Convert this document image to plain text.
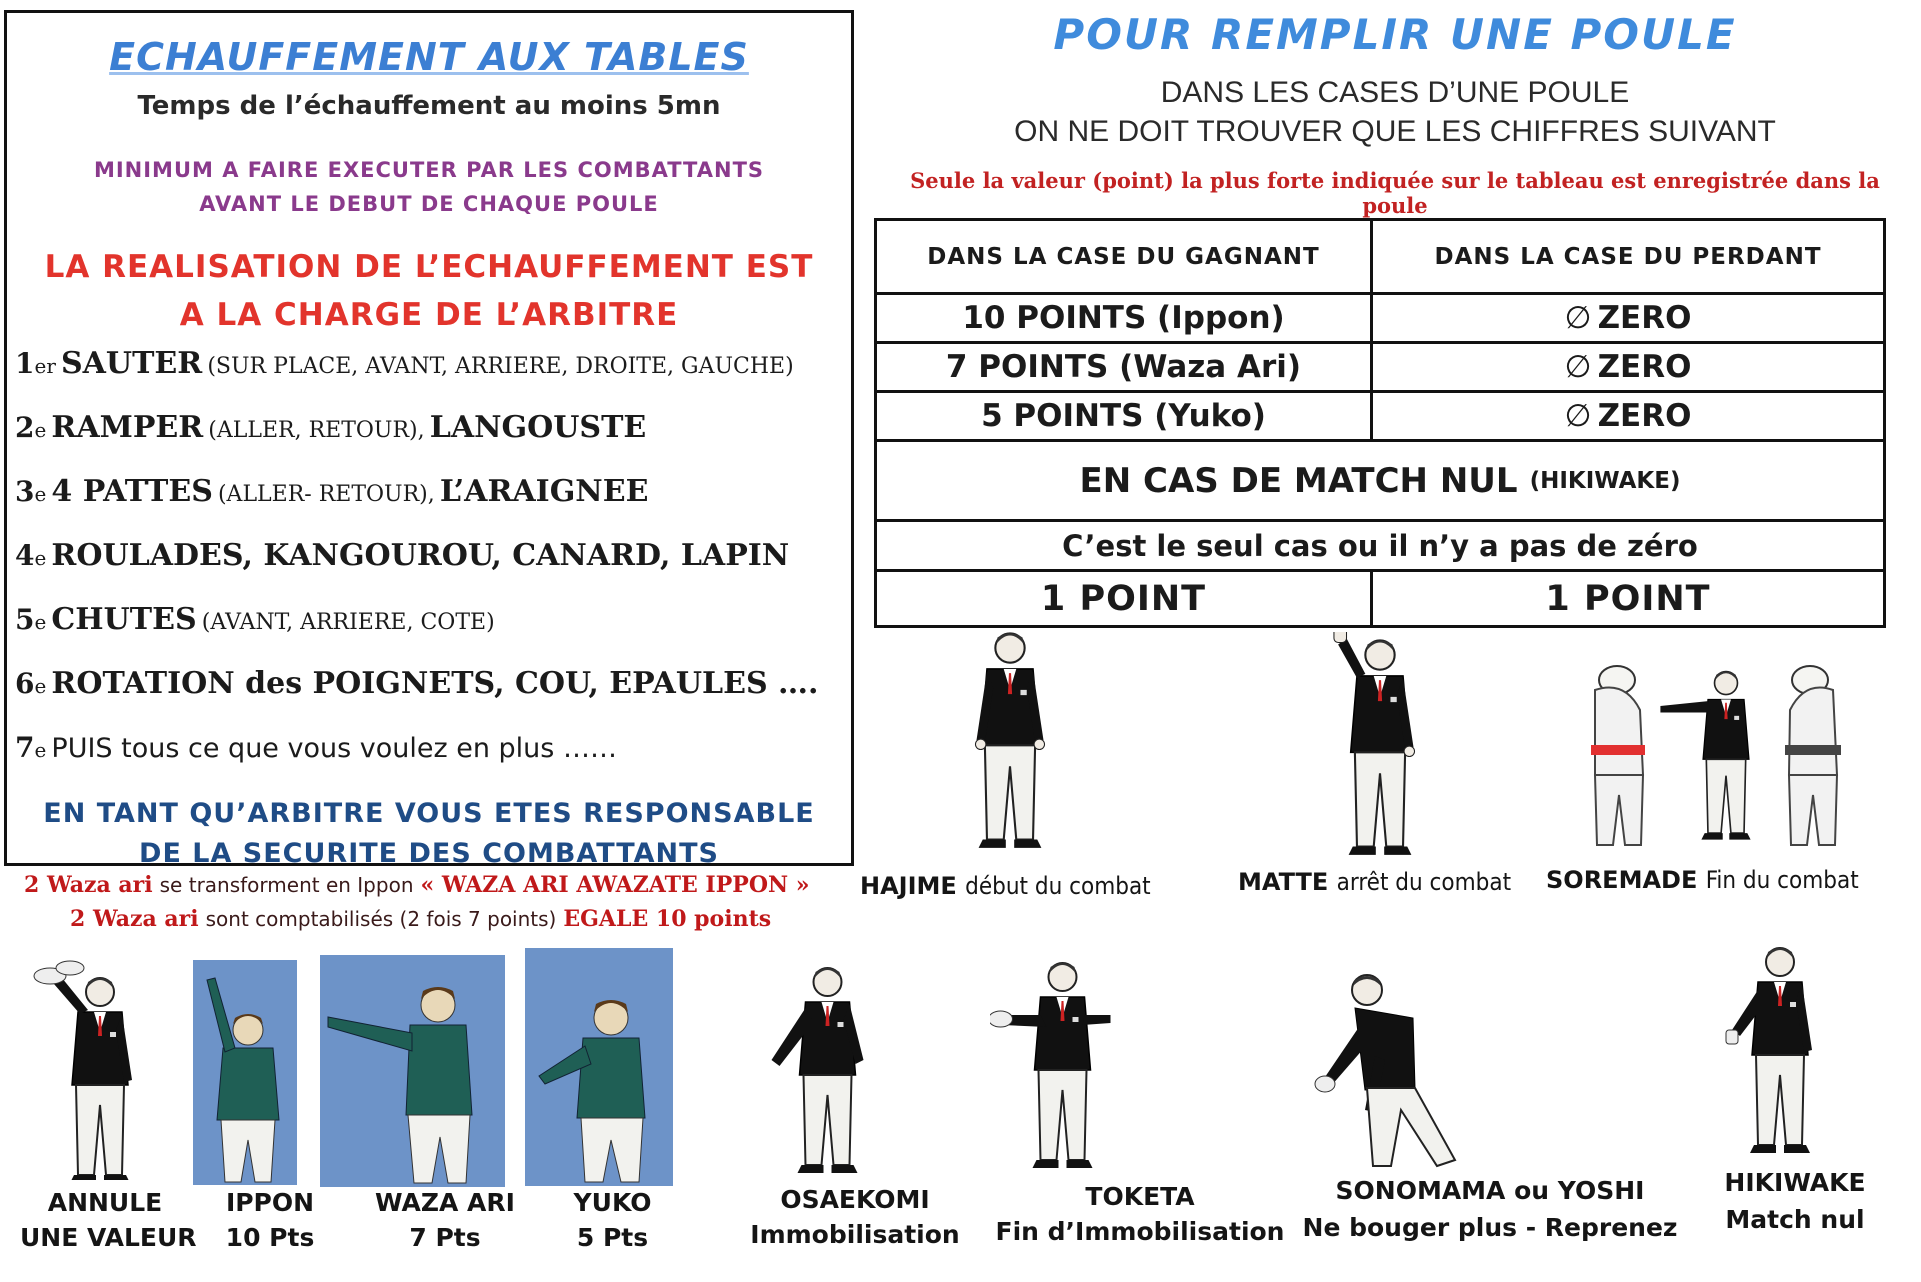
ECHAUFFEMENT AUX TABLES
Temps de l’échauffement au moins 5mn
MINIMUM A FAIRE EXECUTER PAR LES COMBATTANTS
AVANT LE DEBUT DE CHAQUE POULE
LA REALISATION DE L’ECHAUFFEMENT EST
A LA CHARGE DE L’ARBITRE
1er SAUTER (SUR PLACE, AVANT, ARRIERE, DROITE, GAUCHE)
2e RAMPER (ALLER, RETOUR), LANGOUSTE
3e 4 PATTES (ALLER- RETOUR), L’ARAIGNEE
4e ROULADES, KANGOUROU, CANARD, LAPIN
5e CHUTES (AVANT, ARRIERE, COTE)
6e ROTATION des POIGNETS, COU, EPAULES ….
7e PUIS tous ce que vous voulez en plus ……
EN TANT QU’ARBITRE VOUS ETES RESPONSABLE
DE LA SECURITE DES COMBATTANTS
2 Waza ari se transforment en Ippon « WAZA ARI AWAZATE IPPON »
2 Waza ari sont comptabilisés (2 fois 7 points) EGALE 10 points
POUR REMPLIR UNE POULE
DANS LES CASES D’UNE POULE
ON NE DOIT TROUVER QUE LES CHIFFRES SUIVANT
Seule la valeur (point) la plus forte indiquée sur le tableau est enregistrée dans la poule
DANS LA CASE DU GAGNANT	DANS LA CASE DU PERDANT
10 POINTS (Ippon)	∅ ZERO
7 POINTS (Waza Ari)	∅ ZERO
5 POINTS (Yuko)	∅ ZERO
EN CAS DE MATCH NUL (HIKIWAKE)
C’est le seul cas ou il n’y a pas de zéro
1 POINT	1 POINT
HAJIME début du combat	MATTE arrêt du combat SOREMADE Fin du combat
ANNULE
UNE VALEUR
IPPON
10 Pts
WAZA ARI
7 Pts
YUKO
5 Pts
OSAEKOMI
Immobilisation
TOKETA
Fin d’Immobilisation
SONOMAMA ou YOSHI
Ne bouger plus - Reprenez
HIKIWAKE
Match nul
